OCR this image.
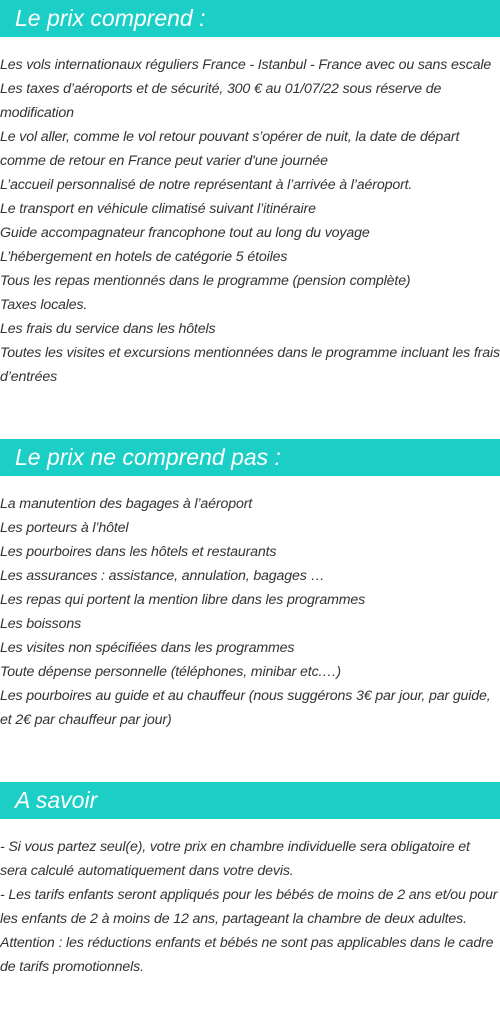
Le prix comprend :
Les vols internationaux réguliers France - Istanbul - France avec ou sans escale
Les taxes d’aéroports et de sécurité, 300 € au 01/07/22 sous réserve de modification
Le vol aller, comme le vol retour pouvant s’opérer de nuit, la date de départ comme de retour en France peut varier d'une journée
L’accueil personnalisé de notre représentant à l’arrivée à l’aéroport.
Le transport en véhicule climatisé suivant l’itinéraire
Guide accompagnateur francophone tout au long du voyage
L’hébergement en hotels de catégorie 5 étoiles
Tous les repas mentionnés dans le programme (pension complète)
Taxes locales.
Les frais du service dans les hôtels
Toutes les visites et excursions mentionnées dans le programme incluant les frais d’entrées
Le prix ne comprend pas :
La manutention des bagages à l’aéroport
Les porteurs à l’hôtel
Les pourboires dans les hôtels et restaurants
Les assurances : assistance, annulation, bagages …
Les repas qui portent la mention libre dans les programmes
Les boissons
Les visites non spécifiées dans les programmes
Toute dépense personnelle (téléphones, minibar etc.…)
Les pourboires au guide et au chauffeur (nous suggérons 3€ par jour, par guide, et 2€ par chauffeur par jour)
A savoir
- Si vous partez seul(e), votre prix en chambre individuelle sera obligatoire et sera calculé automatiquement dans votre devis.
- Les tarifs enfants seront appliqués pour les bébés de moins de 2 ans et/ou pour les enfants de 2 à moins de 12 ans, partageant la chambre de deux adultes.
Attention : les réductions enfants et bébés ne sont pas applicables dans le cadre de tarifs promotionnels.
